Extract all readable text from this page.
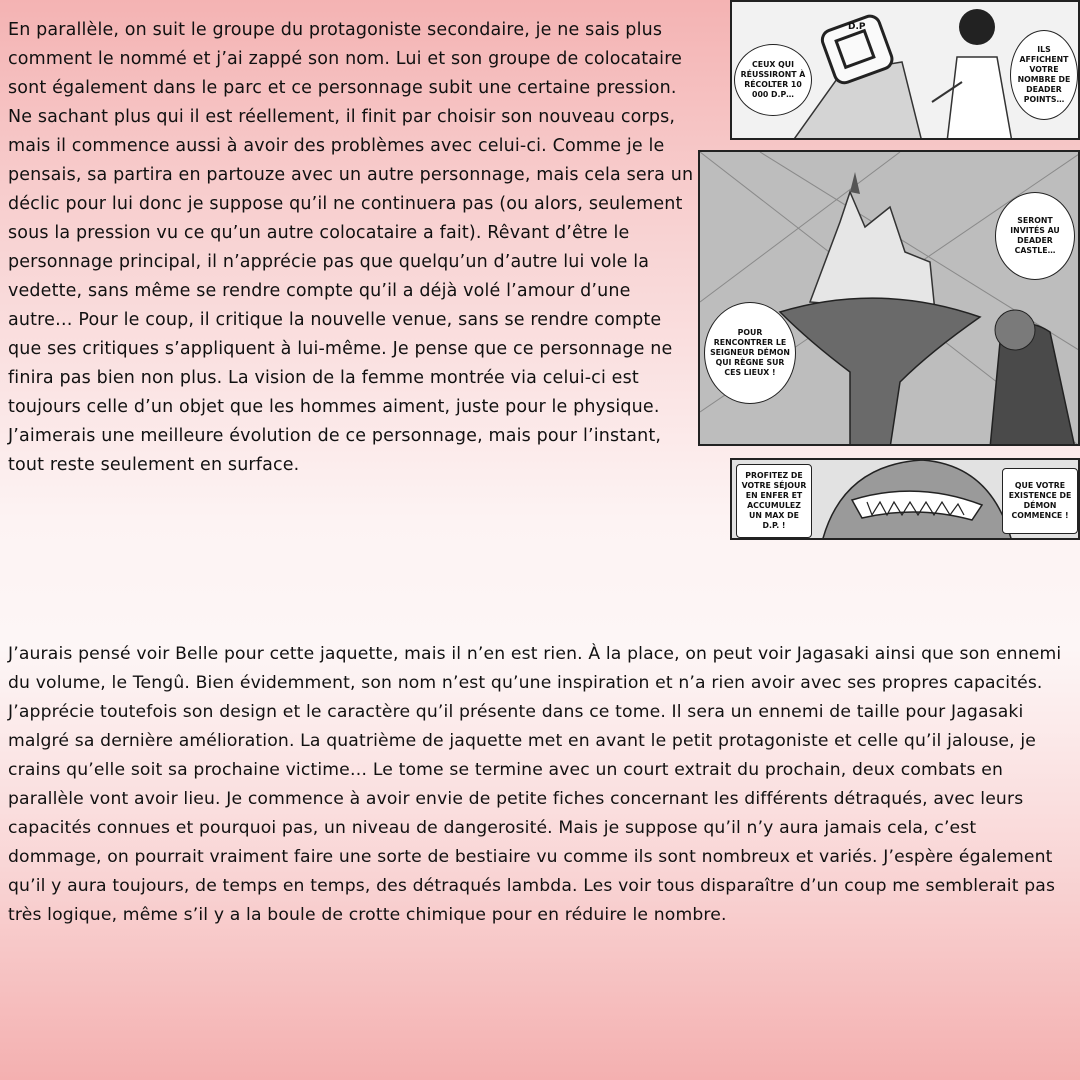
En parallèle, on suit le groupe du protagoniste secondaire, je ne sais plus comment le nommé et j’ai zappé son nom. Lui et son groupe de colocataire sont également dans le parc et ce personnage subit une certaine pression. Ne sachant plus qui il est réellement, il finit par choisir son nouveau corps, mais il commence aussi à avoir des problèmes avec celui-ci. Comme je le pensais, sa partira en partouze avec un autre personnage, mais cela sera un déclic pour lui donc je suppose qu’il ne continuera pas (ou alors, seulement sous la pression vu ce qu’un autre colocataire a fait). Rêvant d’être le personnage principal, il n’apprécie pas que quelqu’un d’autre lui vole la vedette, sans même se rendre compte qu’il a déjà volé l’amour d’une autre… Pour le coup, il critique la nouvelle venue, sans se rendre compte que ses critiques s’appliquent à lui-même. Je pense que ce personnage ne finira pas bien non plus. La vision de la femme montrée via celui-ci est toujours celle d’un objet que les hommes aiment, juste pour le physique. J’aimerais une meilleure évolution de ce personnage, mais pour l’instant, tout reste seulement en surface.

D.P
CEUX QUI RÉUSSIRONT À RÉCOLTER 10 000 D.P…
ILS AFFICHENT VOTRE NOMBRE DE DEADER POINTS…
SERONT INVITÉS AU DEADER CASTLE…
POUR RENCONTRER LE SEIGNEUR DÉMON QUI RÈGNE SUR CES LIEUX !
PROFITEZ DE VOTRE SÉJOUR EN ENFER ET ACCUMULEZ UN MAX DE D.P. !
QUE VOTRE EXISTENCE DE DÉMON COMMENCE !

J’aurais pensé voir Belle pour cette jaquette, mais il n’en est rien. À la place, on peut voir Jagasaki ainsi que son ennemi du volume, le Tengû. Bien évidemment, son nom n’est qu’une inspiration et n’a rien avoir avec ses propres capacités. J’apprécie toutefois son design et le caractère qu’il présente dans ce tome. Il sera un ennemi de taille pour Jagasaki malgré sa dernière amélioration. La quatrième de jaquette met en avant le petit protagoniste et celle qu’il jalouse, je crains qu’elle soit sa prochaine victime… Le tome se termine avec un court extrait du prochain, deux combats en parallèle vont avoir lieu. Je commence à avoir envie de petite fiches concernant les différents détraqués, avec leurs capacités connues et pourquoi pas, un niveau de dangerosité. Mais je suppose qu’il n’y aura jamais cela, c’est dommage, on pourrait vraiment faire une sorte de bestiaire vu comme ils sont nombreux et variés. J’espère également qu’il y aura toujours, de temps en temps, des détraqués lambda. Les voir tous disparaître d’un coup me semblerait pas très logique, même s’il y a la boule de crotte chimique pour en réduire le nombre.
